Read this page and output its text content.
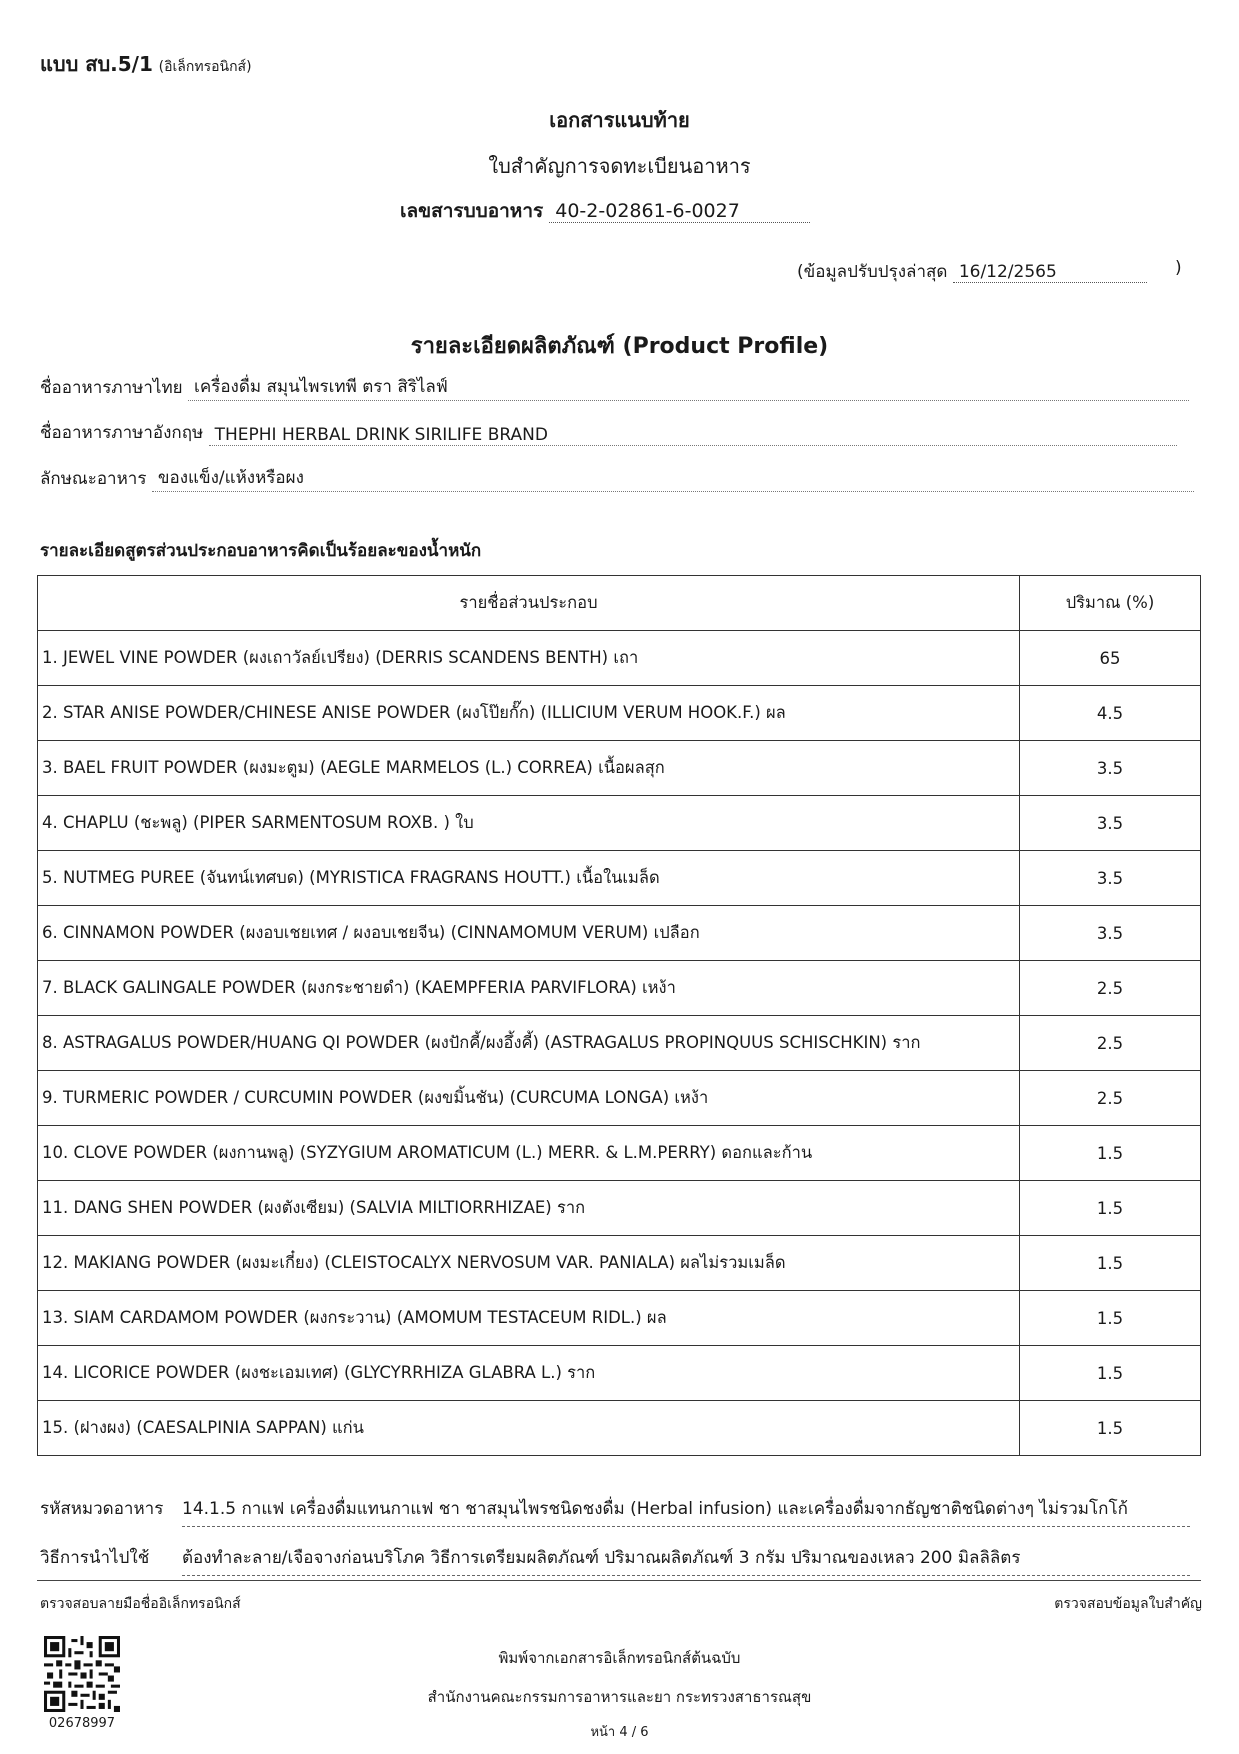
แบบ สบ.5/1 (อิเล็กทรอนิกส์)
เอกสารแนบท้าย
ใบสำคัญการจดทะเบียนอาหาร
เลขสารบบอาหาร 40-2-02861-6-0027
(ข้อมูลปรับปรุงล่าสุด 16/12/2565	)
รายละเอียดผลิตภัณฑ์ (Product Profile)
ชื่ออาหารภาษาไทย เครื่องดื่ม สมุนไพรเทพี ตรา สิริไลฟ์
ชื่ออาหารภาษาอังกฤษ THEPHI HERBAL DRINK SIRILIFE BRAND
ลักษณะอาหาร ของแข็ง/แห้งหรือผง
รายละเอียดสูตรส่วนประกอบอาหารคิดเป็นร้อยละของน้ำหนัก
รายชื่อส่วนประกอบ	ปริมาณ (%)
1. JEWEL VINE POWDER (ผงเถาวัลย์เปรียง) (DERRIS SCANDENS BENTH) เถา	65
2. STAR ANISE POWDER/CHINESE ANISE POWDER (ผงโป๊ยกั๊ก) (ILLICIUM VERUM HOOK.F.) ผล	4.5
3. BAEL FRUIT POWDER (ผงมะตูม) (AEGLE MARMELOS (L.) CORREA) เนื้อผลสุก	3.5
4. CHAPLU (ชะพลู) (PIPER SARMENTOSUM ROXB. ) ใบ	3.5
5. NUTMEG PUREE (จันทน์เทศบด) (MYRISTICA FRAGRANS HOUTT.) เนื้อในเมล็ด	3.5
6. CINNAMON POWDER (ผงอบเชยเทศ / ผงอบเชยจีน) (CINNAMOMUM VERUM) เปลือก	3.5
7. BLACK GALINGALE POWDER (ผงกระชายดำ) (KAEMPFERIA PARVIFLORA) เหง้า	2.5
8. ASTRAGALUS POWDER/HUANG QI POWDER (ผงปักคี้/ผงอึ้งคี้) (ASTRAGALUS PROPINQUUS SCHISCHKIN) ราก	2.5
9. TURMERIC POWDER / CURCUMIN POWDER (ผงขมิ้นชัน) (CURCUMA LONGA) เหง้า	2.5
10. CLOVE POWDER (ผงกานพลู) (SYZYGIUM AROMATICUM (L.) MERR. & L.M.PERRY) ดอกและก้าน	1.5
11. DANG SHEN POWDER (ผงตังเซียม) (SALVIA MILTIORRHIZAE) ราก	1.5
12. MAKIANG POWDER (ผงมะเกี๋ยง) (CLEISTOCALYX NERVOSUM VAR. PANIALA) ผลไม่รวมเมล็ด	1.5
13. SIAM CARDAMOM POWDER (ผงกระวาน) (AMOMUM TESTACEUM RIDL.) ผล	1.5
14. LICORICE POWDER (ผงชะเอมเทศ) (GLYCYRRHIZA GLABRA L.) ราก	1.5
15. (ฝางผง) (CAESALPINIA SAPPAN) แก่น	1.5
รหัสหมวดอาหาร 14.1.5 กาแฟ เครื่องดื่มแทนกาแฟ ชา ชาสมุนไพรชนิดชงดื่ม (Herbal infusion) และเครื่องดื่มจากธัญชาติชนิดต่างๆ ไม่รวมโกโก้
วิธีการนำไปใช้ ต้องทำละลาย/เจือจางก่อนบริโภค วิธีการเตรียมผลิตภัณฑ์ ปริมาณผลิตภัณฑ์ 3 กรัม ปริมาณของเหลว 200 มิลลิลิตร
ตรวจสอบลายมือชื่ออิเล็กทรอนิกส์	ตรวจสอบข้อมูลใบสำคัญ
02678997
พิมพ์จากเอกสารอิเล็กทรอนิกส์ต้นฉบับ
สำนักงานคณะกรรมการอาหารและยา กระทรวงสาธารณสุข
หน้า 4 / 6
